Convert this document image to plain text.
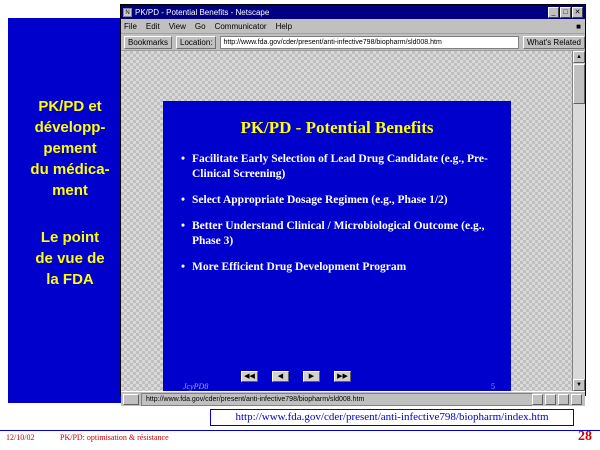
PK/PD et
développ-
pement
du médica-
ment
Le point
de vue de
la FDA
N PK/PD - Potential Benefits - Netscape	_	□ ✕
File Edit View Go Communicator Help	■
Bookmarks	Location:	http://www.fda.gov/cder/present/anti-infective798/biopharm/sld008.htm	What's Related
PK/PD - Potential Benefits
• Facilitate Early Selection of Lead Drug Candidate (e.g., Pre-Clinical Screening)
• Select Appropriate Dosage Regimen (e.g., Phase 1/2)
• Better Understand Clinical / Microbiological Outcome (e.g., Phase 3)
• More Efficient Drug Development Program
JcyPD8	5
◀◀	◀	▶	▶▶
▲
▼
http://www.fda.gov/cder/present/anti-infective798/biopharm/sld008.htm
http://www.fda.gov/cder/present/anti-infective798/biopharm/index.htm
12/10/02	PK/PD: optimisation & résistance	28
